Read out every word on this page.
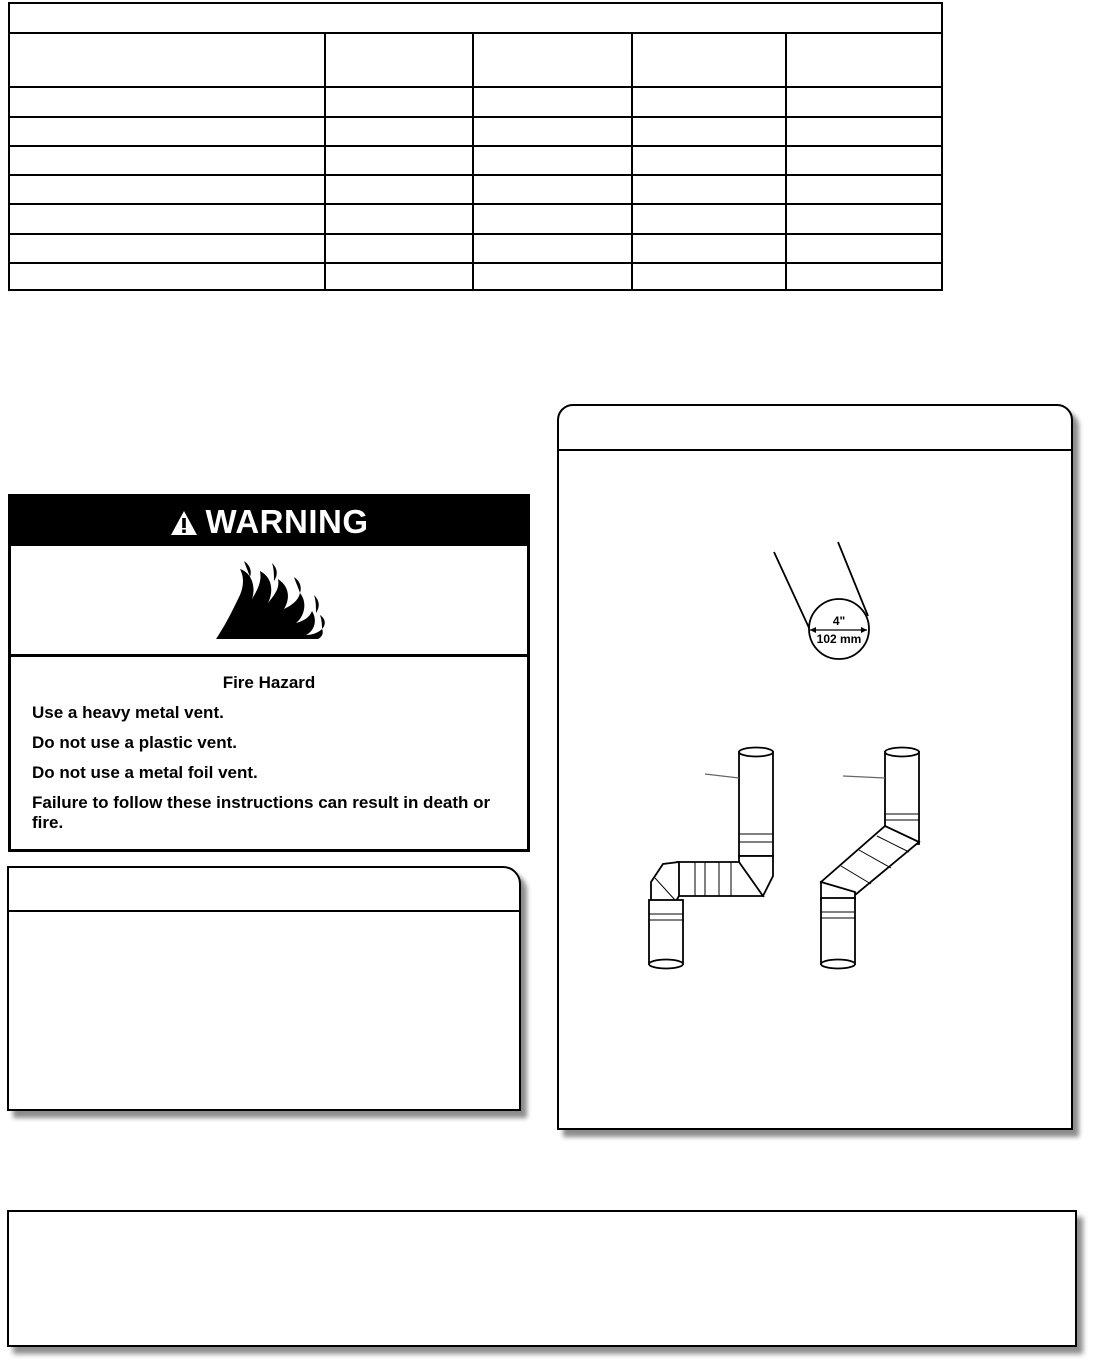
WARNING
Fire Hazard
Use a heavy metal vent.
Do not use a plastic vent.
Do not use a metal foil vent.
Failure to follow these instructions can result in death or fire.
4"
102 mm
